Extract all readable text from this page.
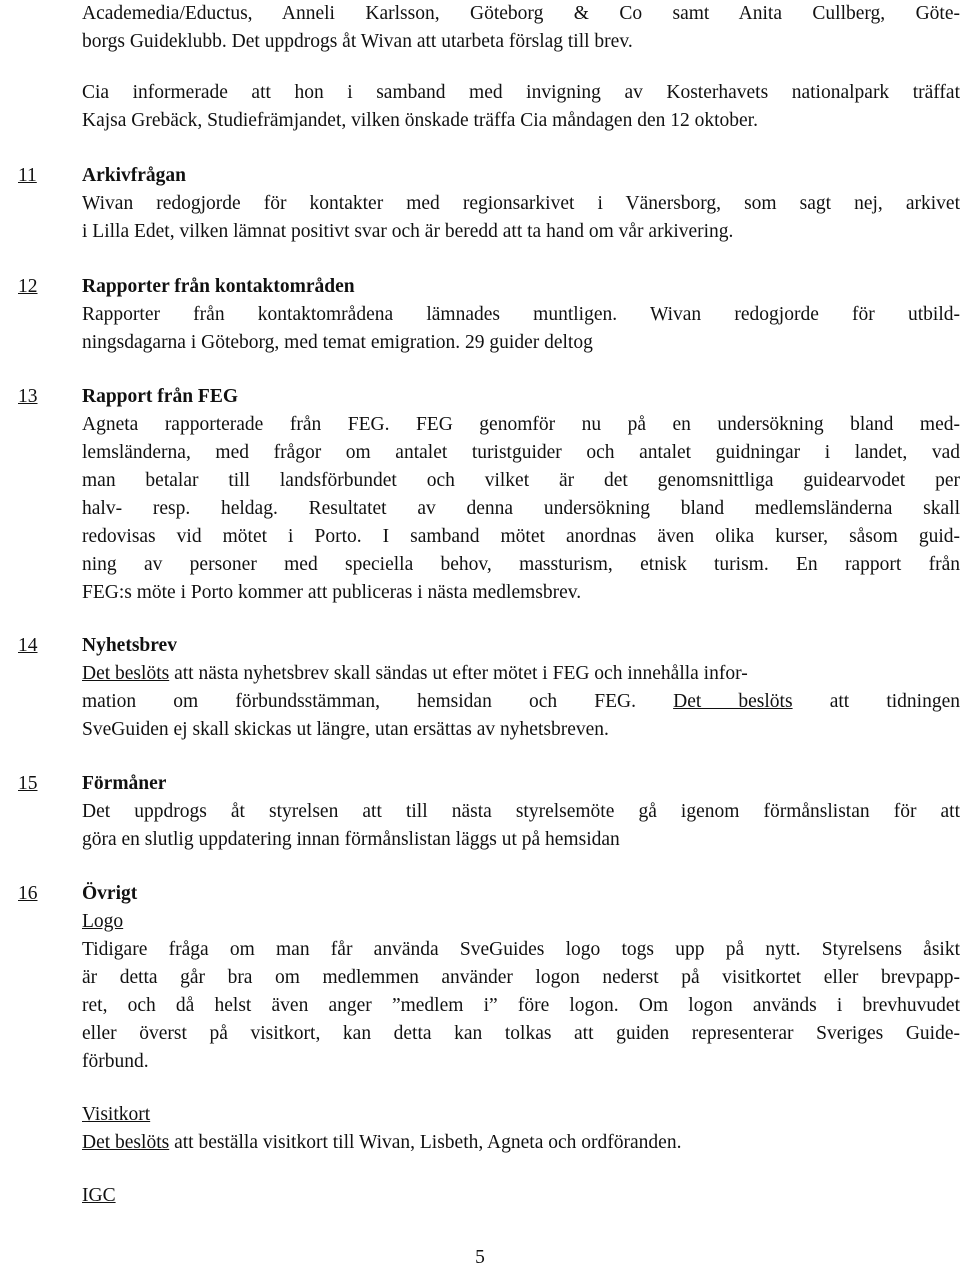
Academedia/Eductus, Anneli Karlsson, Göteborg & Co samt Anita Cullberg, Göte-
borgs Guideklubb. Det uppdrogs åt Wivan att utarbeta förslag till brev.
Cia informerade att hon i samband med invigning av Kosterhavets nationalpark träffat
Kajsa Grebäck, Studiefrämjandet, vilken önskade träffa Cia måndagen den 12 oktober.
11 Arkivfrågan
Wivan redogjorde för kontakter med regionsarkivet i Vänersborg, som sagt nej, arkivet
i Lilla Edet, vilken lämnat positivt svar och är beredd att ta hand om vår arkivering.
12 Rapporter från kontaktområden
Rapporter från kontaktområdena lämnades muntligen. Wivan redogjorde för utbild-
ningsdagarna i Göteborg, med temat emigration. 29 guider deltog
13 Rapport från FEG
Agneta rapporterade från FEG. FEG genomför nu på en undersökning bland med-
lemsländerna, med frågor om antalet turistguider och antalet guidningar i landet, vad
man betalar till landsförbundet och vilket är det genomsnittliga guidearvodet per
halv- resp. heldag. Resultatet av denna undersökning bland medlemsländerna skall
redovisas vid mötet i Porto. I samband mötet anordnas även olika kurser, såsom guid-
ning av personer med speciella behov, massturism, etnisk turism. En rapport från
FEG:s möte i Porto kommer att publiceras i nästa medlemsbrev.
14 Nyhetsbrev
Det beslöts att nästa nyhetsbrev skall sändas ut efter mötet i FEG och innehålla infor-
mation om förbundsstämman, hemsidan och FEG. Det beslöts att tidningen
SveGuiden ej skall skickas ut längre, utan ersättas av nyhetsbreven.
15 Förmåner
Det uppdrogs åt styrelsen att till nästa styrelsemöte gå igenom förmånslistan för att
göra en slutlig uppdatering innan förmånslistan läggs ut på hemsidan
16 Övrigt
Logo
Tidigare fråga om man får använda SveGuides logo togs upp på nytt. Styrelsens åsikt
är detta går bra om medlemmen använder logon nederst på visitkortet eller brevpapp-
ret, och då helst även anger ”medlem i” före logon. Om logon används i brevhuvudet
eller överst på visitkort, kan detta kan tolkas att guiden representerar Sveriges Guide-
förbund.
Visitkort
Det beslöts att beställa visitkort till Wivan, Lisbeth, Agneta och ordföranden.
IGC
5
